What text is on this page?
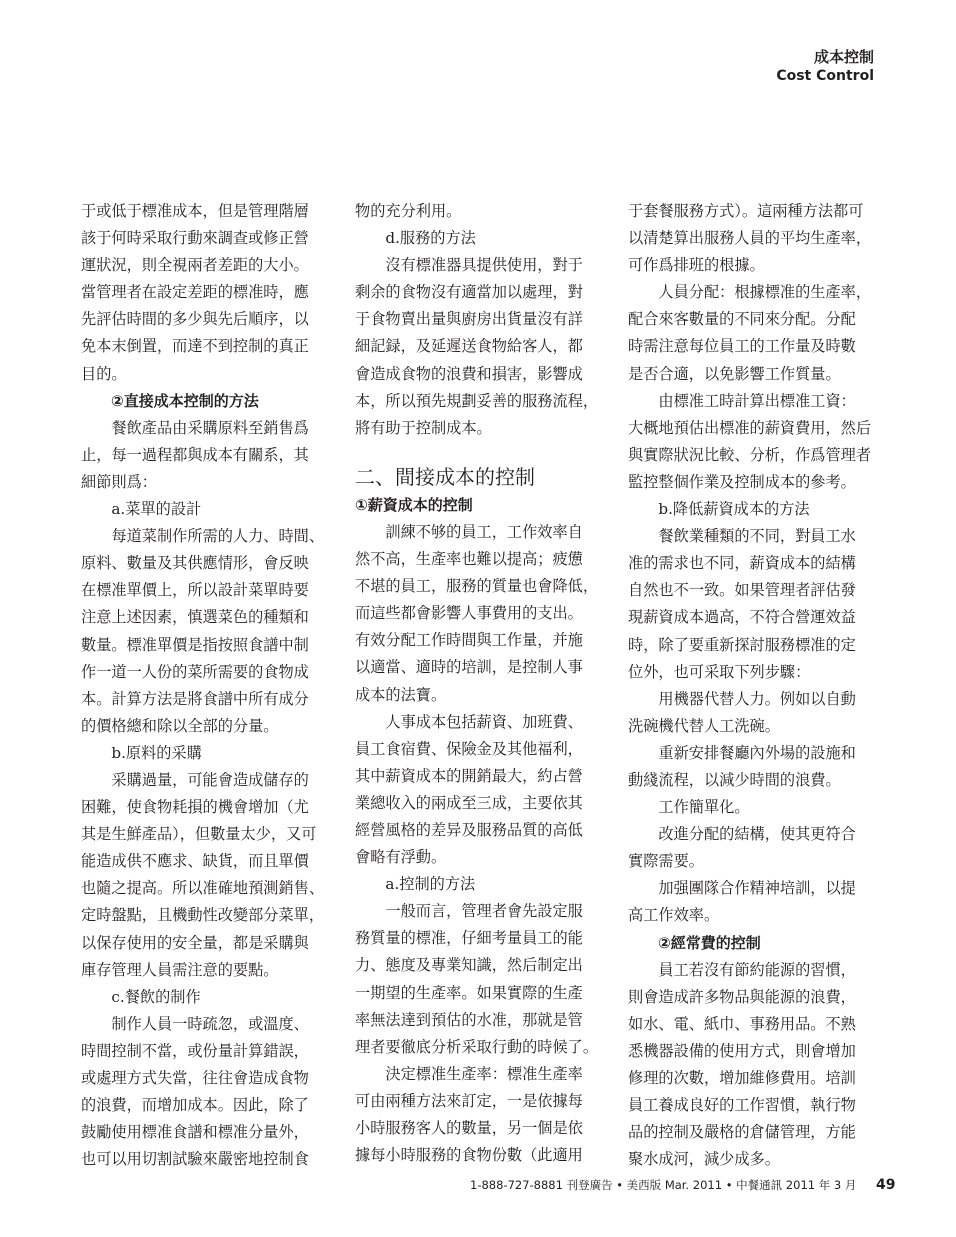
成本控制
Cost Control
于或低于標准成本，但是管理階層
該于何時采取行動來調查或修正營
運狀況，則全視兩者差距的大小。
當管理者在設定差距的標准時，應
先評估時間的多少與先后順序，以
免本末倒置，而達不到控制的真正
目的。
　　②直接成本控制的方法
　　餐飲產品由采購原料至銷售爲
止，每一過程都與成本有關系，其
細節則爲：
　　a.菜單的設計
　　每道菜制作所需的人力、時間、
原料、數量及其供應情形，會反映
在標准單價上，所以設計菜單時要
注意上述因素，慎選菜色的種類和
數量。標准單價是指按照食譜中制
作一道一人份的菜所需要的食物成
本。計算方法是將食譜中所有成分
的價格總和除以全部的分量。
　　b.原料的采購
　　采購過量，可能會造成儲存的
困難，使食物耗損的機會增加（尤
其是生鮮產品），但數量太少，又可
能造成供不應求、缺貨，而且單價
也隨之提高。所以准確地預測銷售、
定時盤點，且機動性改變部分菜單，
以保存使用的安全量，都是采購與
庫存管理人員需注意的要點。
　　c.餐飲的制作
　　制作人員一時疏忽，或溫度、
時間控制不當，或份量計算錯誤，
或處理方式失當，往往會造成食物
的浪費，而增加成本。因此，除了
鼓勵使用標准食譜和標准分量外，
也可以用切割試驗來嚴密地控制食
物的充分利用。
　　d.服務的方法
　　沒有標准器具提供使用，對于
剩余的食物沒有適當加以處理，對
于食物賣出量與廚房出貨量沒有詳
細記録，及延遲送食物給客人，都
會造成食物的浪費和損害，影響成
本，所以預先規劃妥善的服務流程，
將有助于控制成本。
二、間接成本的控制
①薪資成本的控制
　　訓練不够的員工，工作效率自
然不高，生產率也難以提高；疲憊
不堪的員工，服務的質量也會降低，
而這些都會影響人事費用的支出。
有效分配工作時間與工作量，并施
以適當、適時的培訓，是控制人事
成本的法寶。
　　人事成本包括薪資、加班費、
員工食宿費、保險金及其他福利，
其中薪資成本的開銷最大，約占營
業總收入的兩成至三成，主要依其
經營風格的差异及服務品質的高低
會略有浮動。
　　a.控制的方法
　　一般而言，管理者會先設定服
務質量的標准，仔細考量員工的能
力、態度及專業知識，然后制定出
一期望的生產率。如果實際的生產
率無法達到預估的水准，那就是管
理者要徹底分析采取行動的時候了。
　　決定標准生產率：標准生產率
可由兩種方法來訂定，一是依據每
小時服務客人的數量，另一個是依
據每小時服務的食物份數（此適用
于套餐服務方式）。這兩種方法都可
以清楚算出服務人員的平均生產率，
可作爲排班的根據。
　　人員分配：根據標准的生產率，
配合來客數量的不同來分配。分配
時需注意每位員工的工作量及時數
是否合適，以免影響工作質量。
　　由標准工時計算出標准工資：
大概地預估出標准的薪資費用，然后
與實際狀況比較、分析，作爲管理者
監控整個作業及控制成本的參考。
　　b.降低薪資成本的方法
　　餐飲業種類的不同，對員工水
准的需求也不同，薪資成本的結構
自然也不一致。如果管理者評估發
現薪資成本過高，不符合營運效益
時，除了要重新探討服務標准的定
位外，也可采取下列步驟：
　　用機器代替人力。例如以自動
洗碗機代替人工洗碗。
　　重新安排餐廳內外場的設施和
動綫流程，以減少時間的浪費。
　　工作簡單化。
　　改進分配的結構，使其更符合
實際需要。
　　加强團隊合作精神培訓，以提
高工作效率。
　　②經常費的控制
　　員工若沒有節約能源的習慣，
則會造成許多物品與能源的浪費，
如水、電、紙巾、事務用品。不熟
悉機器設備的使用方式，則會增加
修理的次數，增加維修費用。培訓
員工養成良好的工作習慣，執行物
品的控制及嚴格的倉儲管理，方能
聚水成河，減少成多。
1-888-727-8881 刊登廣告 • 美西版 Mar. 2011 • 中餐通訊 2011 年 3 月 49
